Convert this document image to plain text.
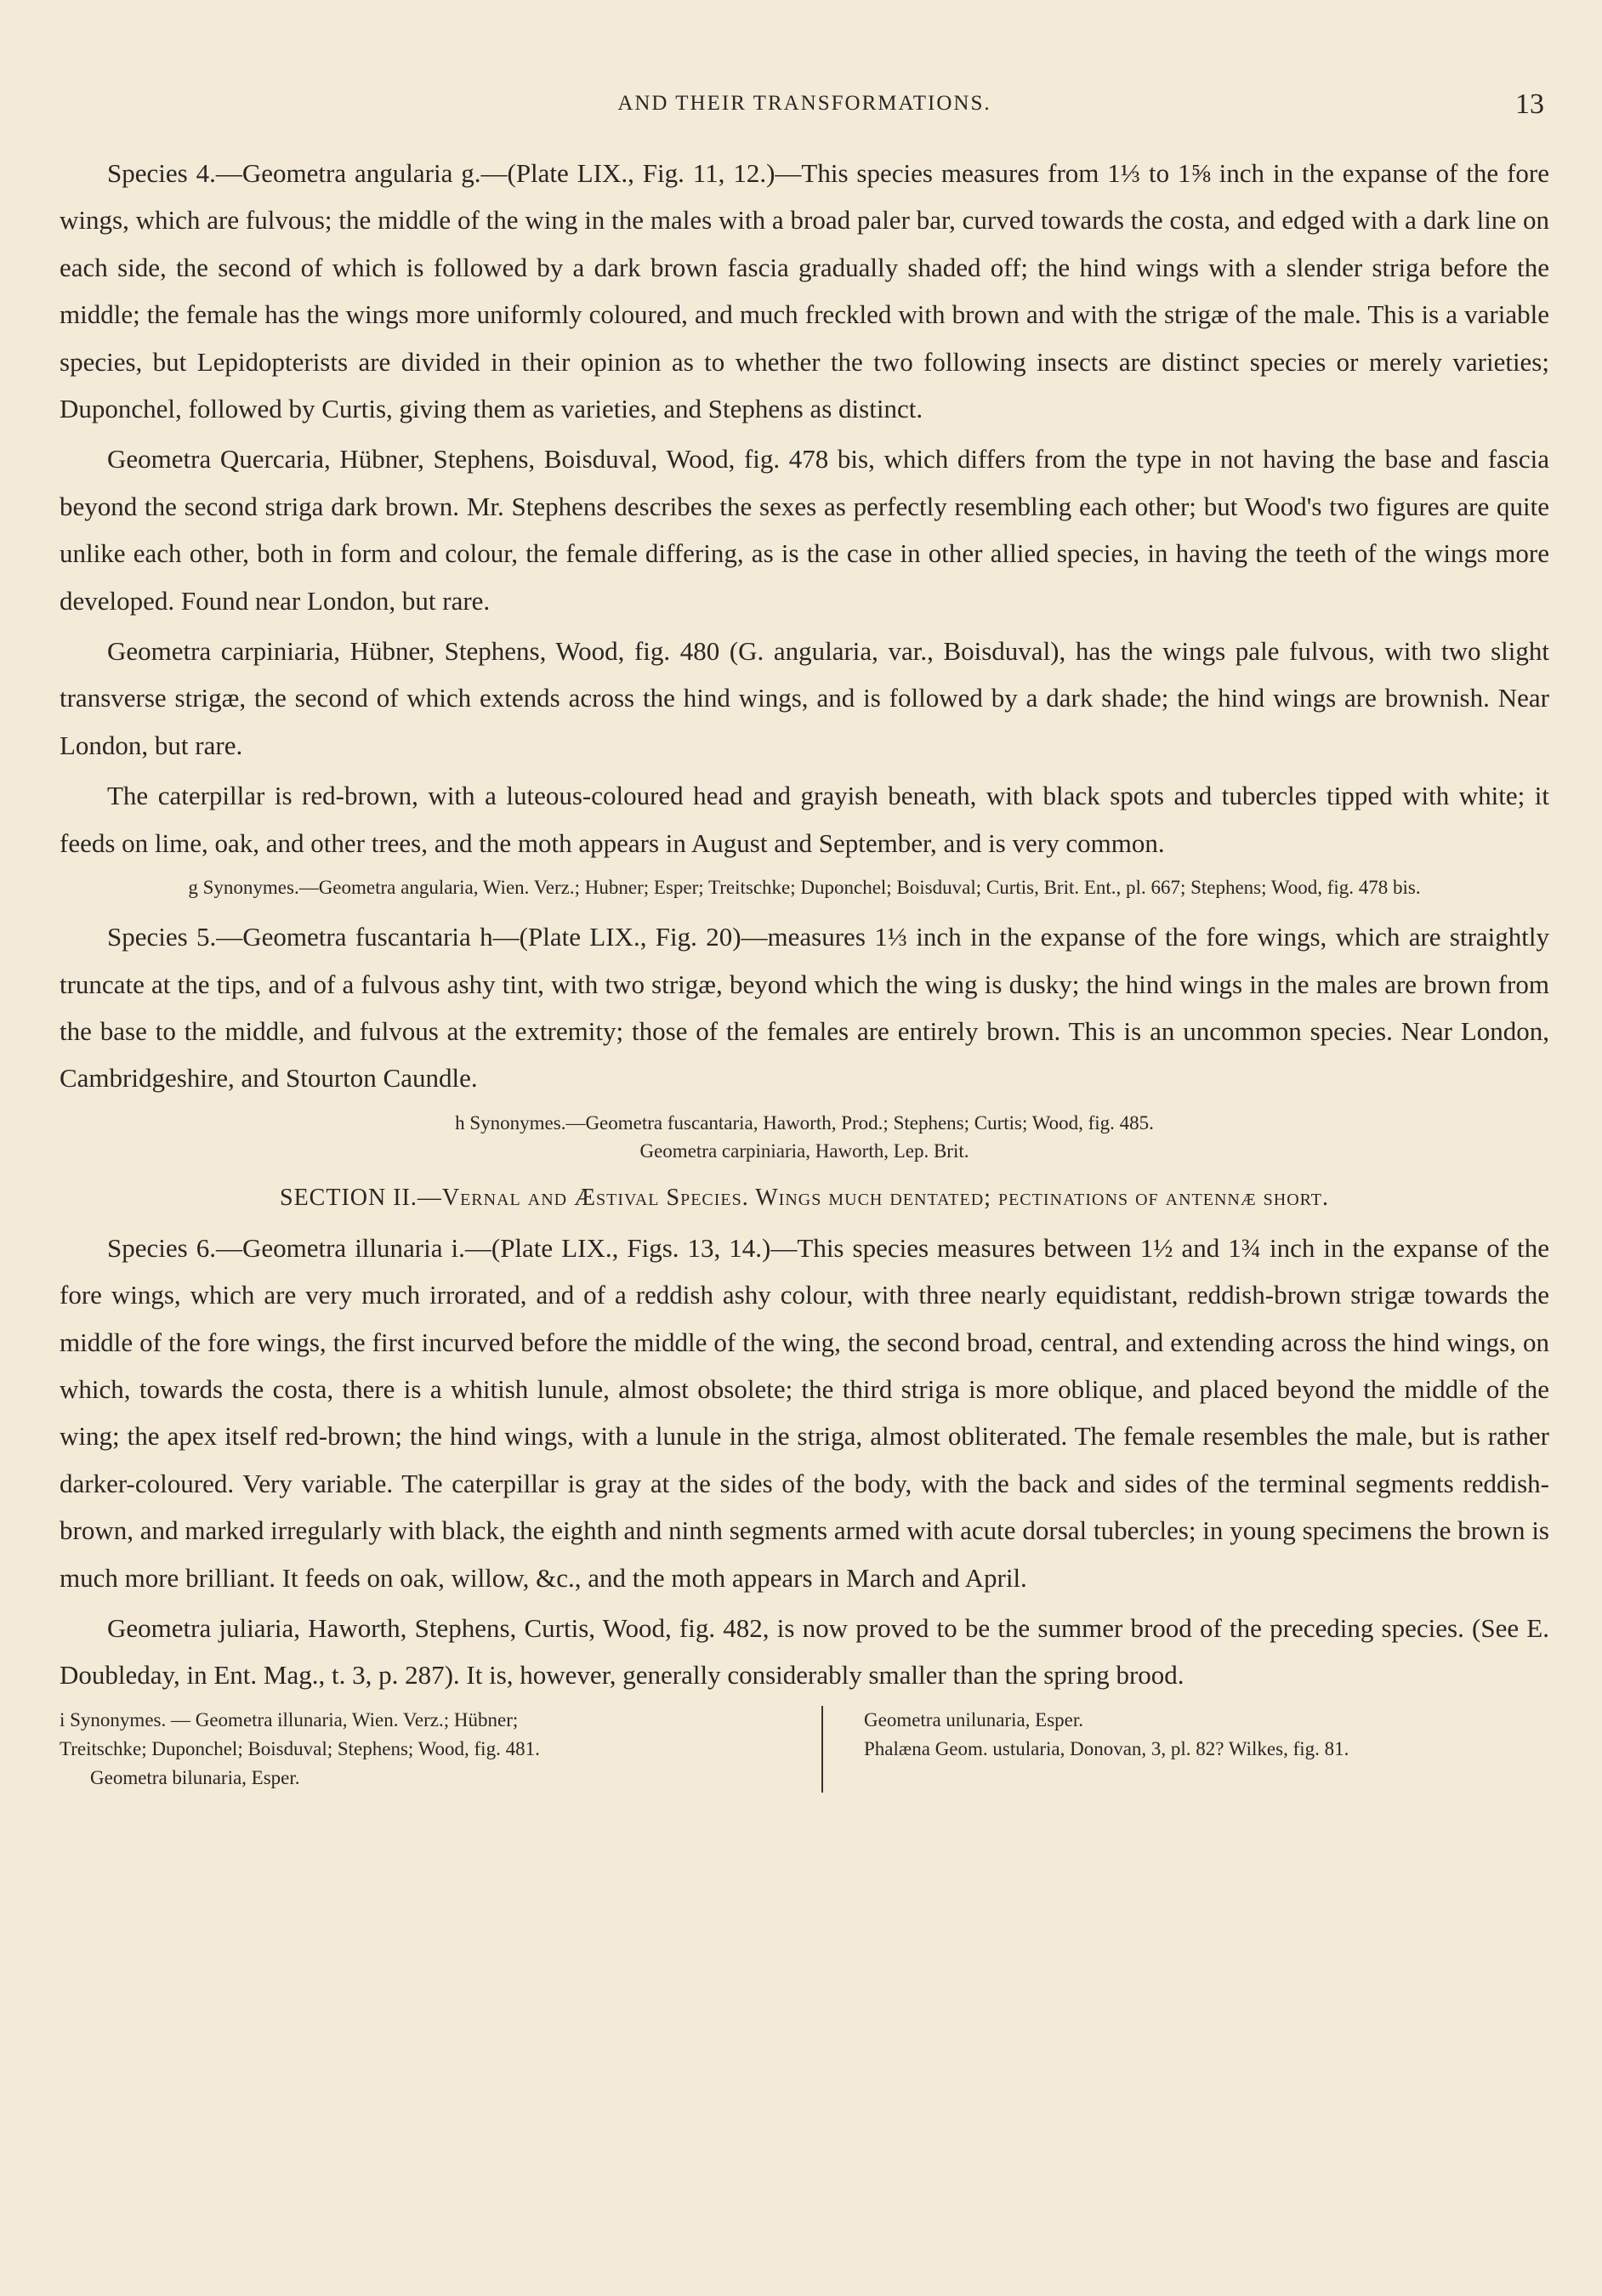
AND THEIR TRANSFORMATIONS.	13

Species 4.—Geometra angularia g.—(Plate LIX., Fig. 11, 12.)—This species measures from 1⅓ to 1⅝ inch in the expanse of the fore wings, which are fulvous; the middle of the wing in the males with a broad paler bar, curved towards the costa, and edged with a dark line on each side, the second of which is followed by a dark brown fascia gradually shaded off; the hind wings with a slender striga before the middle; the female has the wings more uniformly coloured, and much freckled with brown and with the strigæ of the male. This is a variable species, but Lepidopterists are divided in their opinion as to whether the two following insects are distinct species or merely varieties; Duponchel, followed by Curtis, giving them as varieties, and Stephens as distinct.

Geometra Quercaria, Hübner, Stephens, Boisduval, Wood, fig. 478 bis, which differs from the type in not having the base and fascia beyond the second striga dark brown. Mr. Stephens describes the sexes as perfectly resembling each other; but Wood's two figures are quite unlike each other, both in form and colour, the female differing, as is the case in other allied species, in having the teeth of the wings more developed. Found near London, but rare.

Geometra carpiniaria, Hübner, Stephens, Wood, fig. 480 (G. angularia, var., Boisduval), has the wings pale fulvous, with two slight transverse strigæ, the second of which extends across the hind wings, and is followed by a dark shade; the hind wings are brownish. Near London, but rare.

The caterpillar is red-brown, with a luteous-coloured head and grayish beneath, with black spots and tubercles tipped with white; it feeds on lime, oak, and other trees, and the moth appears in August and September, and is very common.

g Synonymes.—Geometra angularia, Wien. Verz.; Hubner; Esper; Treitschke; Duponchel; Boisduval; Curtis, Brit. Ent., pl. 667; Stephens; Wood, fig. 478 bis.

Species 5.—Geometra fuscantaria h—(Plate LIX., Fig. 20)—measures 1⅓ inch in the expanse of the fore wings, which are straightly truncate at the tips, and of a fulvous ashy tint, with two strigæ, beyond which the wing is dusky; the hind wings in the males are brown from the base to the middle, and fulvous at the extremity; those of the females are entirely brown. This is an uncommon species. Near London, Cambridgeshire, and Stourton Caundle.

h Synonymes.—Geometra fuscantaria, Haworth, Prod.; Stephens; Curtis; Wood, fig. 485.
Geometra carpiniaria, Haworth, Lep. Brit.
SECTION II.—Vernal and Æstival Species. Wings much dentated; pectinations of antennæ short.

Species 6.—Geometra illunaria i.—(Plate LIX., Figs. 13, 14.)—This species measures between 1½ and 1¾ inch in the expanse of the fore wings, which are very much irrorated, and of a reddish ashy colour, with three nearly equidistant, reddish-brown strigæ towards the middle of the fore wings, the first incurved before the middle of the wing, the second broad, central, and extending across the hind wings, on which, towards the costa, there is a whitish lunule, almost obsolete; the third striga is more oblique, and placed beyond the middle of the wing; the apex itself red-brown; the hind wings, with a lunule in the striga, almost obliterated. The female resembles the male, but is rather darker-coloured. Very variable. The caterpillar is gray at the sides of the body, with the back and sides of the terminal segments reddish-brown, and marked irregularly with black, the eighth and ninth segments armed with acute dorsal tubercles; in young specimens the brown is much more brilliant. It feeds on oak, willow, &c., and the moth appears in March and April.

Geometra juliaria, Haworth, Stephens, Curtis, Wood, fig. 482, is now proved to be the summer brood of the preceding species. (See E. Doubleday, in Ent. Mag., t. 3, p. 287). It is, however, generally considerably smaller than the spring brood.

i Synonymes. — Geometra illunaria, Wien. Verz.; Hübner;
Treitschke; Duponchel; Boisduval; Stephens; Wood, fig. 481.
Geometra bilunaria, Esper.
Geometra unilunaria, Esper.
Phalæna Geom. ustularia, Donovan, 3, pl. 82? Wilkes, fig. 81.
